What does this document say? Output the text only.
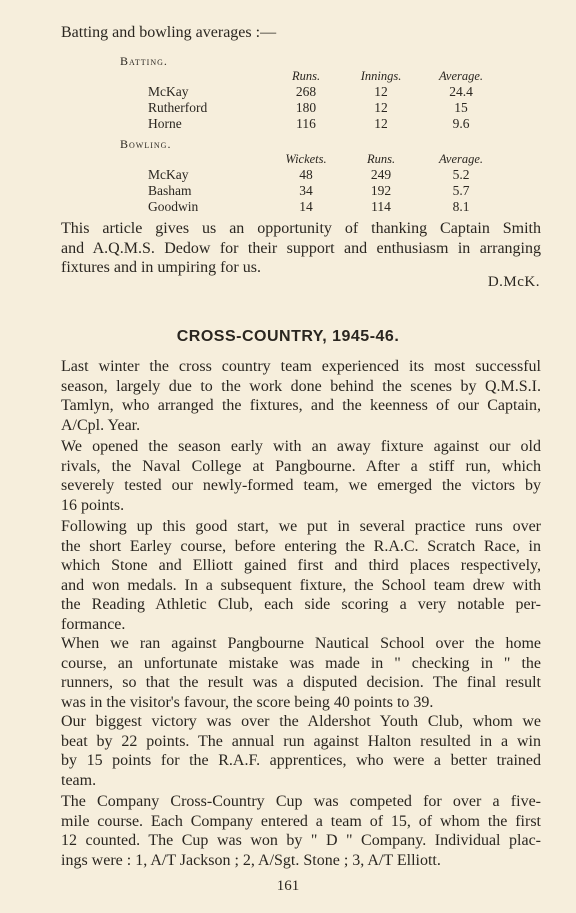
Batting and bowling averages :—
Batting.
	Runs.	Innings.	Average.
McKay	268	12	24.4
Rutherford	180	12	15
Horne	116	12	9.6
Bowling.
	Wickets.	Runs.	Average.
McKay	48	249	5.2
Basham	34	192	5.7
Goodwin	14	114	8.1
This article gives us an opportunity of thanking Captain Smith
and A.Q.M.S. Dedow for their support and enthusiasm in arranging
fixtures and in umpiring for us.
D.McK.
CROSS-COUNTRY, 1945-46.
Last winter the cross country team experienced its most successful
season, largely due to the work done behind the scenes by Q.M.S.I.
Tamlyn, who arranged the fixtures, and the keenness of our Captain,
A/Cpl. Year.
We opened the season early with an away fixture against our old
rivals, the Naval College at Pangbourne. After a stiff run, which
severely tested our newly-formed team, we emerged the victors by
16 points.
Following up this good start, we put in several practice runs over
the short Earley course, before entering the R.A.C. Scratch Race, in
which Stone and Elliott gained first and third places respectively,
and won medals. In a subsequent fixture, the School team drew with
the Reading Athletic Club, each side scoring a very notable per-
formance.
When we ran against Pangbourne Nautical School over the home
course, an unfortunate mistake was made in " checking in " the
runners, so that the result was a disputed decision. The final result
was in the visitor's favour, the score being 40 points to 39.
Our biggest victory was over the Aldershot Youth Club, whom we
beat by 22 points. The annual run against Halton resulted in a win
by 15 points for the R.A.F. apprentices, who were a better trained
team.
The Company Cross-Country Cup was competed for over a five-
mile course. Each Company entered a team of 15, of whom the first
12 counted. The Cup was won by " D " Company. Individual plac-
ings were : 1, A/T Jackson ; 2, A/Sgt. Stone ; 3, A/T Elliott.
161
